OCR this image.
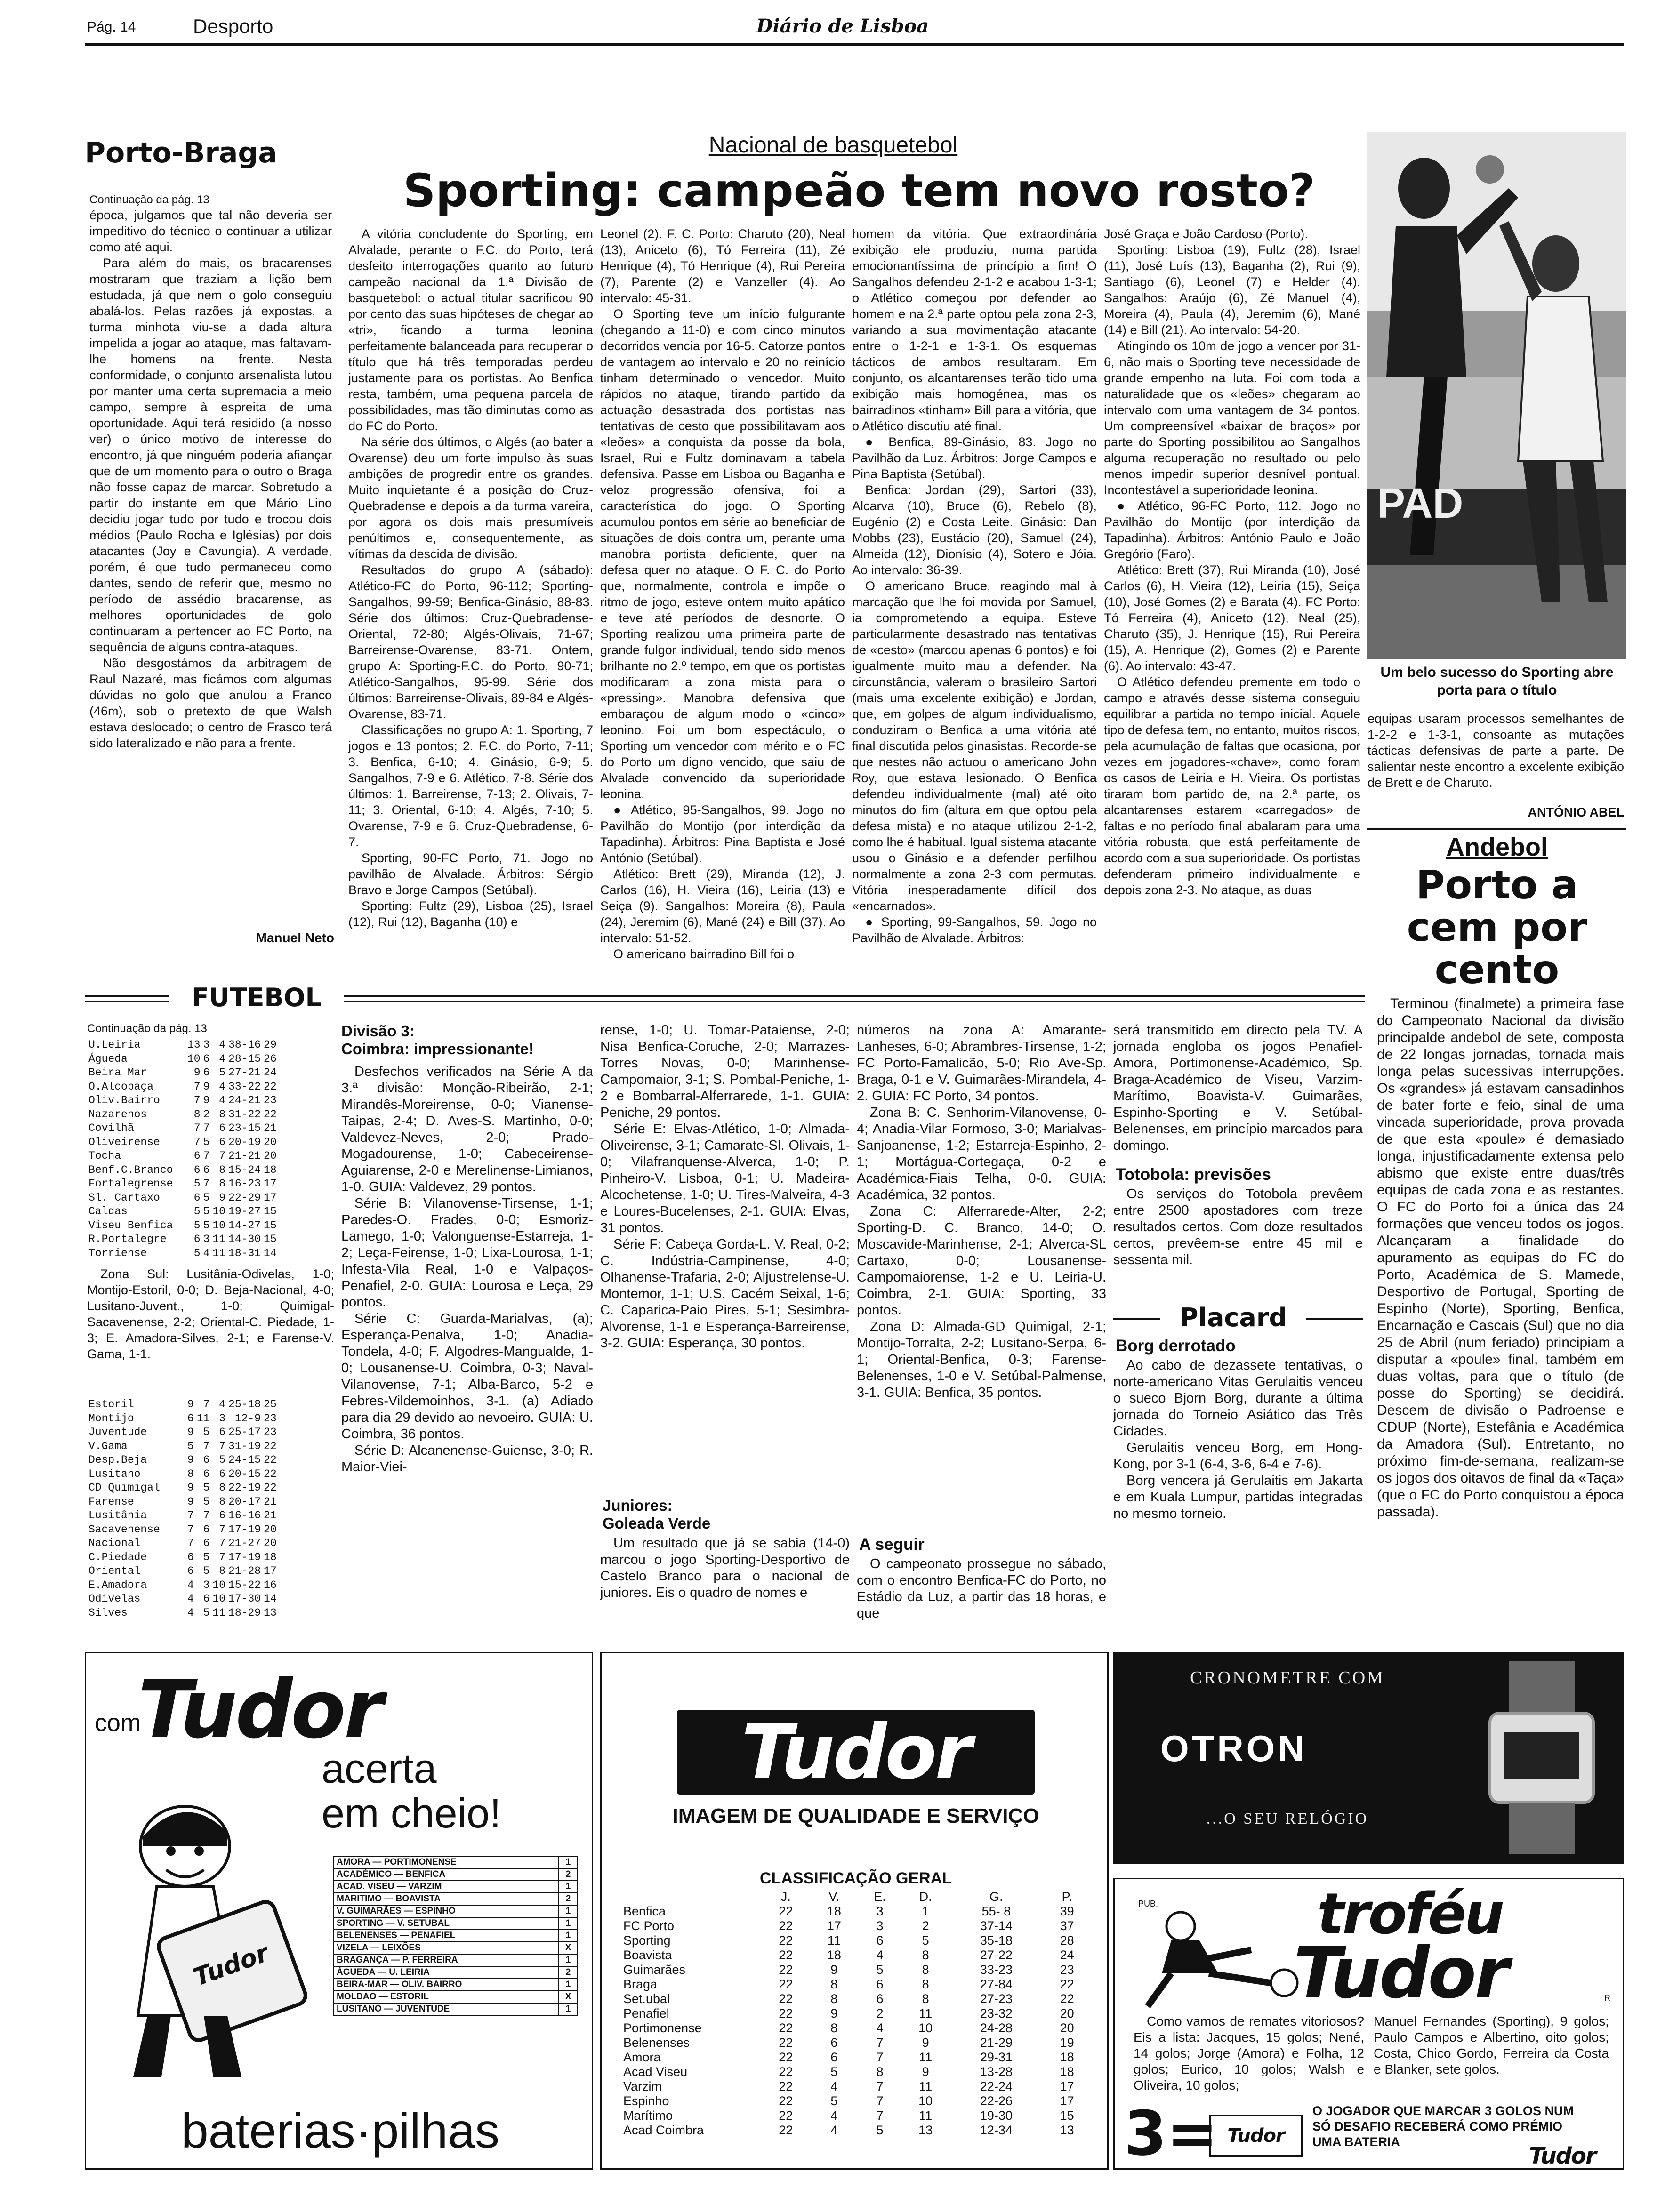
Pág. 14	Desporto	Diário de Lisboa
Porto-Braga
Continuação da pág. 13

época, julgamos que tal não deveria ser impeditivo do técnico o continuar a utilizar como até aqui.

Para além do mais, os bracarenses mostraram que traziam a lição bem estudada, já que nem o golo conseguiu abalá-los. Pelas razões já expostas, a turma minhota viu-se a dada altura impelida a jogar ao ataque, mas faltavam-lhe homens na frente. Nesta conformidade, o conjunto arsenalista lutou por manter uma certa supremacia a meio campo, sempre à espreita de uma oportunidade. Aqui terá residido (a nosso ver) o único motivo de interesse do encontro, já que ninguém poderia afiançar que de um momento para o outro o Braga não fosse capaz de marcar. Sobretudo a partir do instante em que Mário Lino decidiu jogar tudo por tudo e trocou dois médios (Paulo Rocha e Iglésias) por dois atacantes (Joy e Cavungia). A verdade, porém, é que tudo permaneceu como dantes, sendo de referir que, mesmo no período de assédio bracarense, as melhores oportunidades de golo continuaram a pertencer ao FC Porto, na sequência de alguns contra-ataques.

Não desgostámos da arbitragem de Raul Nazaré, mas ficámos com algumas dúvidas no golo que anulou a Franco (46m), sob o pretexto de que Walsh estava deslocado; o centro de Frasco terá sido lateralizado e não para a frente.

Manuel Neto
Nacional de basquetebol
Sporting: campeão tem novo rosto?

A vitória concludente do Sporting, em Alvalade, perante o F.C. do Porto, terá desfeito interrogações quanto ao futuro campeão nacional da 1.ª Divisão de basquetebol: o actual titular sacrificou 90 por cento das suas hipóteses de chegar ao «tri», ficando a turma leonina perfeitamente balanceada para recuperar o título que há três temporadas perdeu justamente para os portistas. Ao Benfica resta, também, uma pequena parcela de possibilidades, mas tão diminutas como as do FC do Porto.

Na série dos últimos, o Algés (ao bater a Ovarense) deu um forte impulso às suas ambições de progredir entre os grandes. Muito inquietante é a posição do Cruz-Quebradense e depois a da turma vareira, por agora os dois mais presumíveis penúltimos e, consequentemente, as vítimas da descida de divisão.

Resultados do grupo A (sábado): Atlético-FC do Porto, 96-112; Sporting-Sangalhos, 99-59; Benfica-Ginásio, 88-83. Série dos últimos: Cruz-Quebradense-Oriental, 72-80; Algés-Olivais, 71-67; Barreirense-Ovarense, 83-71. Ontem, grupo A: Sporting-F.C. do Porto, 90-71; Atlético-Sangalhos, 95-99. Série dos últimos: Barreirense-Olivais, 89-84 e Algés-Ovarense, 83-71.

Classificações no grupo A: 1. Sporting, 7 jogos e 13 pontos; 2. F.C. do Porto, 7-11; 3. Benfica, 6-10; 4. Ginásio, 6-9; 5. Sangalhos, 7-9 e 6. Atlético, 7-8. Série dos últimos: 1. Barreirense, 7-13; 2. Olivais, 7-11; 3. Oriental, 6-10; 4. Algés, 7-10; 5. Ovarense, 7-9 e 6. Cruz-Quebradense, 6-7.

Sporting, 90-FC Porto, 71. Jogo no pavilhão de Alvalade. Árbitros: Sérgio Bravo e Jorge Campos (Setúbal).

Sporting: Fultz (29), Lisboa (25), Israel (12), Rui (12), Baganha (10) e

Leonel (2). F. C. Porto: Charuto (20), Neal (13), Aniceto (6), Tó Ferreira (11), Zé Henrique (4), Tó Henrique (4), Rui Pereira (7), Parente (2) e Vanzeller (4). Ao intervalo: 45-31.

O Sporting teve um início fulgurante (chegando a 11-0) e com cinco minutos decorridos vencia por 16-5. Catorze pontos de vantagem ao intervalo e 20 no reinício tinham determinado o vencedor. Muito rápidos no ataque, tirando partido da actuação desastrada dos portistas nas tentativas de cesto que possibilitavam aos «leões» a conquista da posse da bola, Israel, Rui e Fultz dominavam a tabela defensiva. Passe em Lisboa ou Baganha e veloz progressão ofensiva, foi a característica do jogo. O Sporting acumulou pontos em série ao beneficiar de situações de dois contra um, perante uma manobra portista deficiente, quer na defesa quer no ataque. O F. C. do Porto que, normalmente, controla e impõe o ritmo de jogo, esteve ontem muito apático e teve até períodos de desnorte. O Sporting realizou uma primeira parte de grande fulgor individual, tendo sido menos brilhante no 2.º tempo, em que os portistas modificaram a zona mista para o «pressing». Manobra defensiva que embaraçou de algum modo o «cinco» leonino. Foi um bom espectáculo, o Sporting um vencedor com mérito e o FC do Porto um digno vencido, que saiu de Alvalade convencido da superioridade leonina.

● Atlético, 95-Sangalhos, 99. Jogo no Pavilhão do Montijo (por interdição da Tapadinha). Árbitros: Pina Baptista e José António (Setúbal).

Atlético: Brett (29), Miranda (12), J. Carlos (16), H. Vieira (16), Leiria (13) e Seiça (9). Sangalhos: Moreira (8), Paula (24), Jeremim (6), Mané (24) e Bill (37). Ao intervalo: 51-52.

O americano bairradino Bill foi o

homem da vitória. Que extraordinária exibição ele produziu, numa partida emocionantíssima de princípio a fim! O Sangalhos defendeu 2-1-2 e acabou 1-3-1; o Atlético começou por defender ao homem e na 2.ª parte optou pela zona 2-3, variando a sua movimentação atacante entre o 1-2-1 e 1-3-1. Os esquemas tácticos de ambos resultaram. Em conjunto, os alcantarenses terão tido uma exibição mais homogénea, mas os bairradinos «tinham» Bill para a vitória, que o Atlético discutiu até final.

● Benfica, 89-Ginásio, 83. Jogo no Pavilhão da Luz. Árbitros: Jorge Campos e Pina Baptista (Setúbal).

Benfica: Jordan (29), Sartori (33), Alcarva (10), Bruce (6), Rebelo (8), Eugénio (2) e Costa Leite. Ginásio: Dan Mobbs (23), Eustácio (20), Samuel (24), Almeida (12), Dionísio (4), Sotero e Jóia. Ao intervalo: 36-39.

O americano Bruce, reagindo mal à marcação que lhe foi movida por Samuel, ia comprometendo a equipa. Esteve particularmente desastrado nas tentativas de «cesto» (marcou apenas 6 pontos) e foi igualmente muito mau a defender. Na circunstância, valeram o brasileiro Sartori (mais uma excelente exibição) e Jordan, que, em golpes de algum individualismo, conduziram o Benfica a uma vitória até final discutida pelos ginasistas. Recorde-se que nestes não actuou o americano John Roy, que estava lesionado. O Benfica defendeu individualmente (mal) até oito minutos do fim (altura em que optou pela defesa mista) e no ataque utilizou 2-1-2, como lhe é habitual. Igual sistema atacante usou o Ginásio e a defender perfilhou normalmente a zona 2-3 com permutas. Vitória inesperadamente difícil dos «encarnados».

● Sporting, 99-Sangalhos, 59. Jogo no Pavilhão de Alvalade. Árbitros:

José Graça e João Cardoso (Porto).

Sporting: Lisboa (19), Fultz (28), Israel (11), José Luís (13), Baganha (2), Rui (9), Santiago (6), Leonel (7) e Helder (4). Sangalhos: Araújo (6), Zé Manuel (4), Moreira (4), Paula (4), Jeremim (6), Mané (14) e Bill (21). Ao intervalo: 54-20.

Atingindo os 10m de jogo a vencer por 31-6, não mais o Sporting teve necessidade de grande empenho na luta. Foi com toda a naturalidade que os «leões» chegaram ao intervalo com uma vantagem de 34 pontos. Um compreensível «baixar de braços» por parte do Sporting possibilitou ao Sangalhos alguma recuperação no resultado ou pelo menos impedir superior desnível pontual. Incontestável a superioridade leonina.

● Atlético, 96-FC Porto, 112. Jogo no Pavilhão do Montijo (por interdição da Tapadinha). Árbitros: António Paulo e João Gregório (Faro).

Atlético: Brett (37), Rui Miranda (10), José Carlos (6), H. Vieira (12), Leiria (15), Seiça (10), José Gomes (2) e Barata (4). FC Porto: Tó Ferreira (4), Aniceto (12), Neal (25), Charuto (35), J. Henrique (15), Rui Pereira (15), A. Henrique (2), Gomes (2) e Parente (6). Ao intervalo: 43-47.

O Atlético defendeu premente em todo o campo e através desse sistema conseguiu equilibrar a partida no tempo inicial. Aquele tipo de defesa tem, no entanto, muitos riscos, pela acumulação de faltas que ocasiona, por vezes em jogadores-«chave», como foram os casos de Leiria e H. Vieira. Os portistas tiraram bom partido de, na 2.ª parte, os alcantarenses estarem «carregados» de faltas e no período final abalaram para uma vitória robusta, que está perfeitamente de acordo com a sua superioridade. Os portistas defenderam primeiro individualmente e depois zona 2-3. No ataque, as duas

PAD
Um belo sucesso do Sporting abre porta para o título

equipas usaram processos semelhantes de 1-2-2 e 1-3-1, consoante as mutações tácticas defensivas de parte a parte. De salientar neste encontro a excelente exibição de Brett e de Charuto.

ANTÓNIO ABEL
Andebol
Porto a cem por cento

Terminou (finalmete) a primeira fase do Campeonato Nacional da divisão principalde andebol de sete, composta de 22 longas jornadas, tornada mais longa pelas sucessivas interrupções. Os «grandes» já estavam cansadinhos de bater forte e feio, sinal de uma vincada superioridade, prova provada de que esta «poule» é demasiado longa, injustificadamente extensa pelo abismo que existe entre duas/três equipas de cada zona e as restantes. O FC do Porto foi a única das 24 formações que venceu todos os jogos. Alcançaram a finalidade do apuramento as equipas do FC do Porto, Académica de S. Mamede, Desportivo de Portugal, Sporting de Espinho (Norte), Sporting, Benfica, Encarnação e Cascais (Sul) que no dia 25 de Abril (num feriado) principiam a disputar a «poule» final, também em duas voltas, para que o título (de posse do Sporting) se decidirá. Descem de divisão o Padroense e CDUP (Norte), Estefânia e Académica da Amadora (Sul). Entretanto, no próximo fim-de-semana, realizam-se os jogos dos oitavos de final da «Taça» (que o FC do Porto conquistou a época passada).

FUTEBOL
Continuação da pág. 13
U.Leiria	13	3	4	38-16	29
Águeda	10	6	4	28-15	26
Beira Mar	9	6	5	27-21	24
O.Alcobaça	7	9	4	33-22	22
Oliv.Bairro	7	9	4	24-21	23
Nazarenos	8	2	8	31-22	22
Covilhã	7	7	6	23-15	21
Oliveirense	7	5	6	20-19	20
Tocha	6	7	7	21-21	20
Benf.C.Branco	6	6	8	15-24	18
Fortalegrense	5	7	8	16-23	17
Sl. Cartaxo	6	5	9	22-29	17
Caldas	5	5	10	19-27	15
Viseu Benfica	5	5	10	14-27	15
R.Portalegre	6	3	11	14-30	15
Torriense	5	4	11	18-31	14

Zona Sul: Lusitânia-Odivelas, 1-0; Montijo-Estoril, 0-0; D. Beja-Nacional, 4-0; Lusitano-Juvent., 1-0; Quimigal-Sacavenense, 2-2; Oriental-C. Piedade, 1-3; E. Amadora-Silves, 2-1; e Farense-V. Gama, 1-1.

Estoril	9	7	4	25-18	25
Montijo	6	11	3	12-9	23
Juventude	9	5	6	25-17	23
V.Gama	5	7	7	31-19	22
Desp.Beja	9	6	5	24-15	22
Lusitano	8	6	6	20-15	22
CD Quimigal	9	5	8	22-19	22
Farense	9	5	8	20-17	21
Lusitânia	7	7	6	16-16	21
Sacavenense	7	6	7	17-19	20
Nacional	7	6	7	21-27	20
C.Piedade	6	5	7	17-19	18
Oriental	6	5	8	21-28	17
E.Amadora	4	3	10	15-22	16
Odivelas	4	6	10	17-30	14
Silves	4	5	11	18-29	13
Divisão 3:
Coimbra: impressionante!

Desfechos verificados na Série A da 3.ª divisão: Monção-Ribeirão, 2-1; Mirandês-Moreirense, 0-0; Vianense-Taipas, 2-4; D. Aves-S. Martinho, 0-0; Valdevez-Neves, 2-0; Prado-Mogadourense, 1-0; Cabeceirense-Aguiarense, 2-0 e Merelinense-Limianos, 1-0. GUIA: Valdevez, 29 pontos.

Série B: Vilanovense-Tirsense, 1-1; Paredes-O. Frades, 0-0; Esmoriz-Lamego, 1-0; Valonguense-Estarreja, 1-2; Leça-Feirense, 1-0; Lixa-Lourosa, 1-1; Infesta-Vila Real, 1-0 e Valpaços-Penafiel, 2-0. GUIA: Lourosa e Leça, 29 pontos.

Série C: Guarda-Marialvas, (a); Esperança-Penalva, 1-0; Anadia-Tondela, 4-0; F. Algodres-Mangualde, 1-0; Lousanense-U. Coimbra, 0-3; Naval-Vilanovense, 7-1; Alba-Barco, 5-2 e Febres-Vildemoinhos, 3-1. (a) Adiado para dia 29 devido ao nevoeiro. GUIA: U. Coimbra, 36 pontos.

Série D: Alcanenense-Guiense, 3-0; R. Maior-Viei-

rense, 1-0; U. Tomar-Pataiense, 2-0; Nisa Benfica-Coruche, 2-0; Marrazes-Torres Novas, 0-0; Marinhense-Campomaior, 3-1; S. Pombal-Peniche, 1-2 e Bombarral-Alferrarede, 1-1. GUIA: Peniche, 29 pontos.

Série E: Elvas-Atlético, 1-0; Almada-Oliveirense, 3-1; Camarate-Sl. Olivais, 1-0; Vilafranquense-Alverca, 1-0; P. Pinheiro-V. Lisboa, 0-1; U. Madeira-Alcochetense, 1-0; U. Tires-Malveira, 4-3 e Loures-Bucelenses, 2-1. GUIA: Elvas, 31 pontos.

Série F: Cabeça Gorda-L. V. Real, 0-2; C. Indústria-Campinense, 4-0; Olhanense-Trafaria, 2-0; Aljustrelense-U. Montemor, 1-1; U.S. Cacém Seixal, 1-6; C. Caparica-Paio Pires, 5-1; Sesimbra-Alvorense, 1-1 e Esperança-Barreirense, 3-2. GUIA: Esperança, 30 pontos.

Juniores:
Goleada Verde

Um resultado que já se sabia (14-0) marcou o jogo Sporting-Desportivo de Castelo Branco para o nacional de juniores. Eis o quadro de nomes e

números na zona A: Amarante-Lanheses, 6-0; Abrambres-Tirsense, 1-2; FC Porto-Famalicão, 5-0; Rio Ave-Sp. Braga, 0-1 e V. Guimarães-Mirandela, 4-2. GUIA: FC Porto, 34 pontos.

Zona B: C. Senhorim-Vilanovense, 0-4; Anadia-Vilar Formoso, 3-0; Marialvas-Sanjoanense, 1-2; Estarreja-Espinho, 2-1; Mortágua-Cortegaça, 0-2 e Académica-Fiais Telha, 0-0. GUIA: Académica, 32 pontos.

Zona C: Alferrarede-Alter, 2-2; Sporting-D. C. Branco, 14-0; O. Moscavide-Marinhense, 2-1; Alverca-SL Cartaxo, 0-0; Lousanense-Campomaiorense, 1-2 e U. Leiria-U. Coimbra, 2-1. GUIA: Sporting, 33 pontos.

Zona D: Almada-GD Quimigal, 2-1; Montijo-Torralta, 2-2; Lusitano-Serpa, 6-1; Oriental-Benfica, 0-3; Farense-Belenenses, 1-0 e V. Setúbal-Palmense, 3-1. GUIA: Benfica, 35 pontos.

A seguir

O campeonato prossegue no sábado, com o encontro Benfica-FC do Porto, no Estádio da Luz, a partir das 18 horas, e que

será transmitido em directo pela TV. A jornada engloba os jogos Penafiel-Amora, Portimonense-Académico, Sp. Braga-Académico de Viseu, Varzim-Marítimo, Boavista-V. Guimarães, Espinho-Sporting e V. Setúbal-Belenenses, em princípio marcados para domingo.

Totobola: previsões

Os serviços do Totobola prevêem entre 2500 apostadores com treze resultados certos. Com doze resultados certos, prevêem-se entre 45 mil e sessenta mil.

Placard
Borg derrotado

Ao cabo de dezassete tentativas, o norte-americano Vitas Gerulaitis venceu o sueco Bjorn Borg, durante a última jornada do Torneio Asiático das Três Cidades.

Gerulaitis venceu Borg, em Hong-Kong, por 3-1 (6-4, 3-6, 6-4 e 7-6).

Borg vencera já Gerulaitis em Jakarta e em Kuala Lumpur, partidas integradas no mesmo torneio.

com
Tudor
acerta
em cheio!
Tudor
AMORA — PORTIMONENSE	1
ACADÉMICO — BENFICA	2
ACAD. VISEU — VARZIM	1
MARITIMO — BOAVISTA	2
V. GUIMARÃES — ESPINHO	1
SPORTING — V. SETUBAL	1
BELENENSES — PENAFIEL	1
VIZELA — LEIXÕES	X
BRAGANÇA — P. FERREIRA	1
ÁGUEDA — U. LEIRIA	2
BEIRA-MAR — OLIV. BAIRRO	1
MOLDAO — ESTORIL	X
LUSITANO — JUVENTUDE	1
baterias·pilhas
Tudor
IMAGEM DE QUALIDADE E SERVIÇO
CLASSIFICAÇÃO GERAL
	J.	V.	E.	D.	G.	P.
Benfica	22	18	3	1	55- 8	39
FC Porto	22	17	3	2	37-14	37
Sporting	22	11	6	5	35-18	28
Boavista	22	18	4	8	27-22	24
Guimarães	22	9	5	8	33-23	23
Braga	22	8	6	8	27-84	22
Set.ubal	22	8	6	8	27-23	22
Penafiel	22	9	2	11	23-32	20
Portimonense	22	8	4	10	24-28	20
Belenenses	22	6	7	9	21-29	19
Amora	22	6	7	11	29-31	18
Acad Viseu	22	5	8	9	13-28	18
Varzim	22	4	7	11	22-24	17
Espinho	22	5	7	10	22-26	17
Marítimo	22	4	7	11	19-30	15
Acad Coimbra	22	4	5	13	12-34	13
CRONOMETRE COM
OTRON
...O SEU RELÓGIO
PUB.	troféu
Tudor	R

Como vamos de remates vitoriosos? Eis a lista: Jacques, 15 golos; Nené, 14 golos; Jorge (Amora) e Folha, 12 golos; Eurico, 10 golos; Walsh e Oliveira, 10 golos;

Manuel Fernandes (Sporting), 9 golos; Paulo Campos e Albertino, oito golos; Costa, Chico Gordo, Ferreira da Costa e Blanker, sete golos.

3= Tudor
O JOGADOR QUE MARCAR 3 GOLOS NUM SÓ DESAFIO RECEBERÁ COMO PRÉMIO UMA BATERIA
Tudor
